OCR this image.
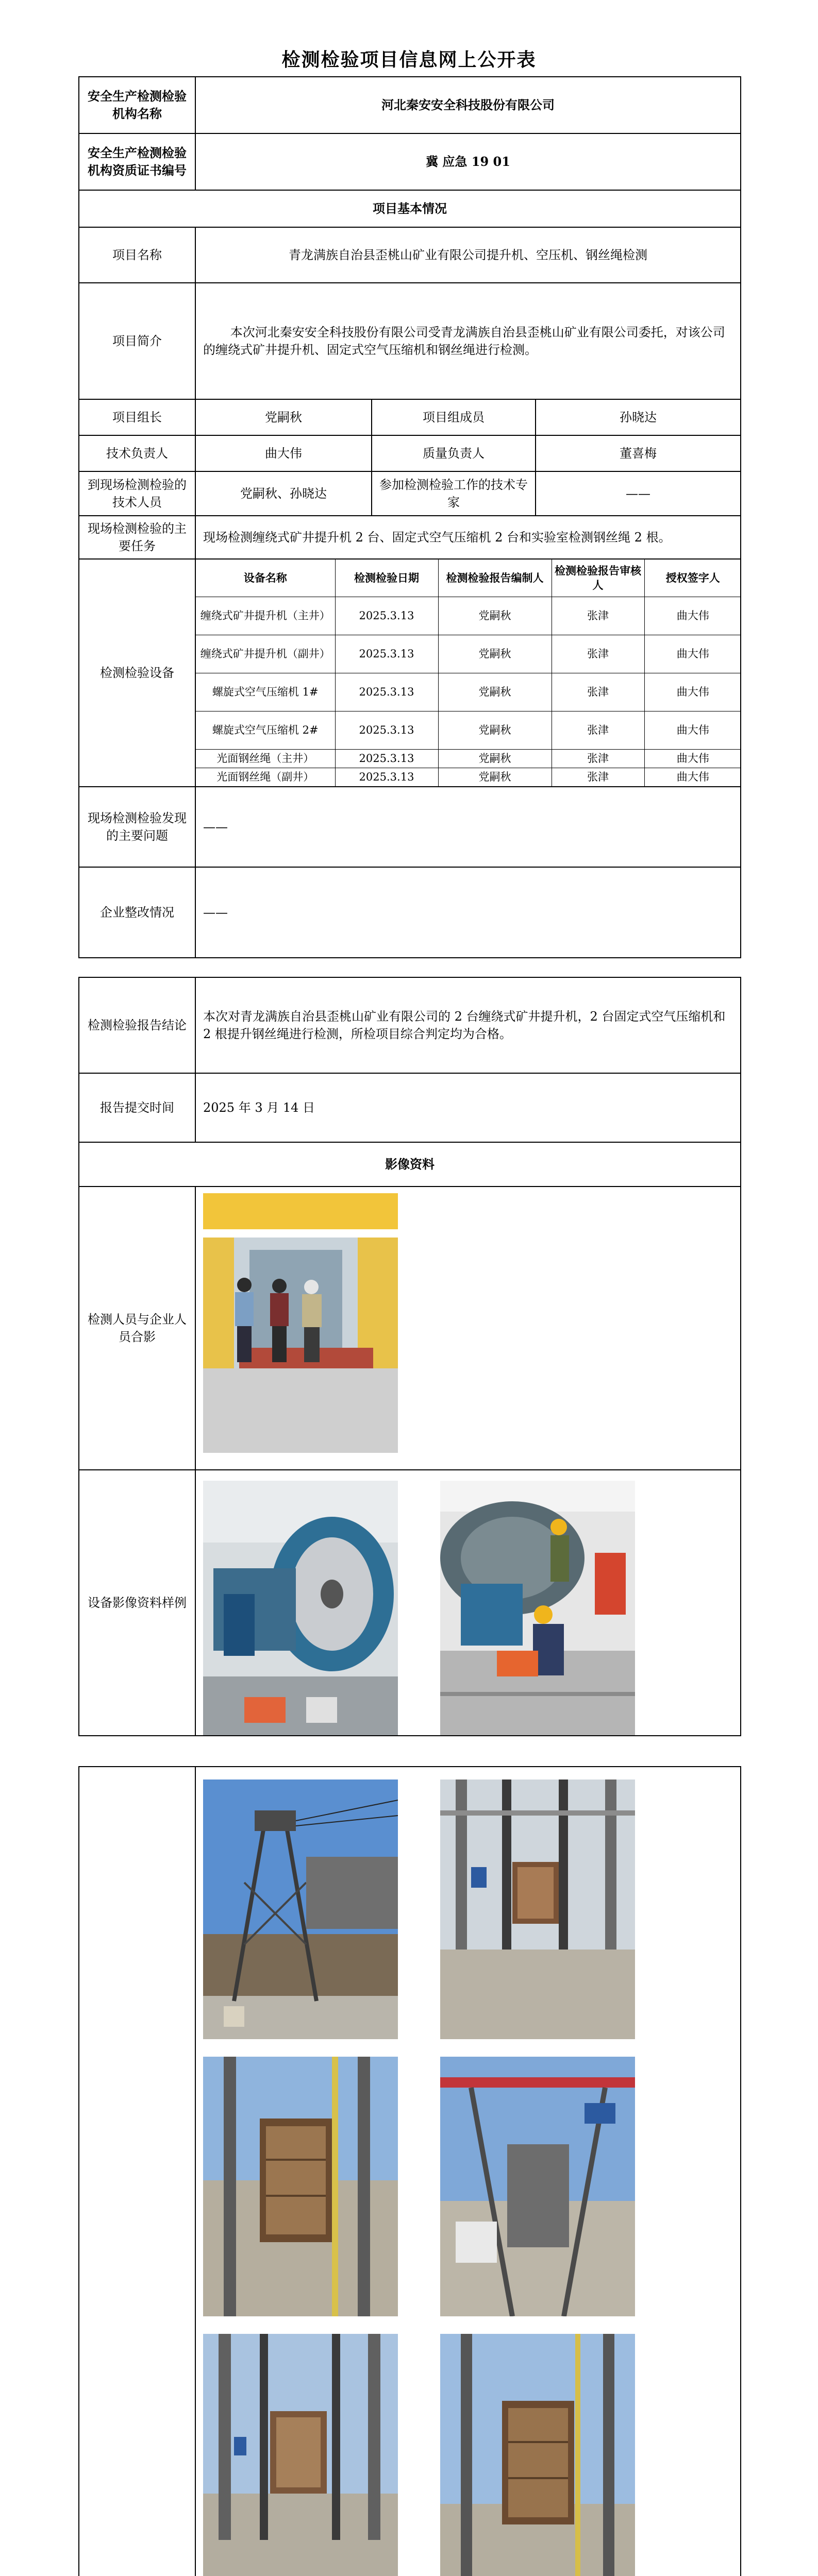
检测检验项目信息网上公开表
安全生产检测检验机构名称	河北秦安安全科技股份有限公司
安全生产检测检验机构资质证书编号	冀 应急 19 01
项目基本情况
项目名称	青龙满族自治县歪桃山矿业有限公司提升机、空压机、钢丝绳检测
项目简介	本次河北秦安安全科技股份有限公司受青龙满族自治县歪桃山矿业有限公司委托，对该公司的缠绕式矿井提升机、固定式空气压缩机和钢丝绳进行检测。
项目组长	党嗣秋	项目组成员	孙晓达
技术负责人	曲大伟	质量负责人	董喜梅
到现场检测检验的技术人员	党嗣秋、孙晓达	参加检测检验工作的技术专家	——
现场检测检验的主要任务	现场检测缠绕式矿井提升机 2 台、固定式空气压缩机 2 台和实验室检测钢丝绳 2 根。
检测检验设备	
设备名称	检测检验日期	检测检验报告编制人	检测检验报告审核人	授权签字人
缠绕式矿井提升机（主井）	2025.3.13	党嗣秋	张津	曲大伟
缠绕式矿井提升机（副井）	2025.3.13	党嗣秋	张津	曲大伟
螺旋式空气压缩机 1#	2025.3.13	党嗣秋	张津	曲大伟
螺旋式空气压缩机 2#	2025.3.13	党嗣秋	张津	曲大伟
光面钢丝绳（主井）	2025.3.13	党嗣秋	张津	曲大伟
光面钢丝绳（副井）	2025.3.13	党嗣秋	张津	曲大伟

现场检测检验发现的主要问题	——
企业整改情况	——
检测检验报告结论	本次对青龙满族自治县歪桃山矿业有限公司的 2 台缠绕式矿井提升机，2 台固定式空气压缩机和 2 根提升钢丝绳进行检测，所检项目综合判定均为合格。
报告提交时间	2025 年 3 月 14 日
影像资料	
检测人员与企业人员合影	

设备影像资料样例	
